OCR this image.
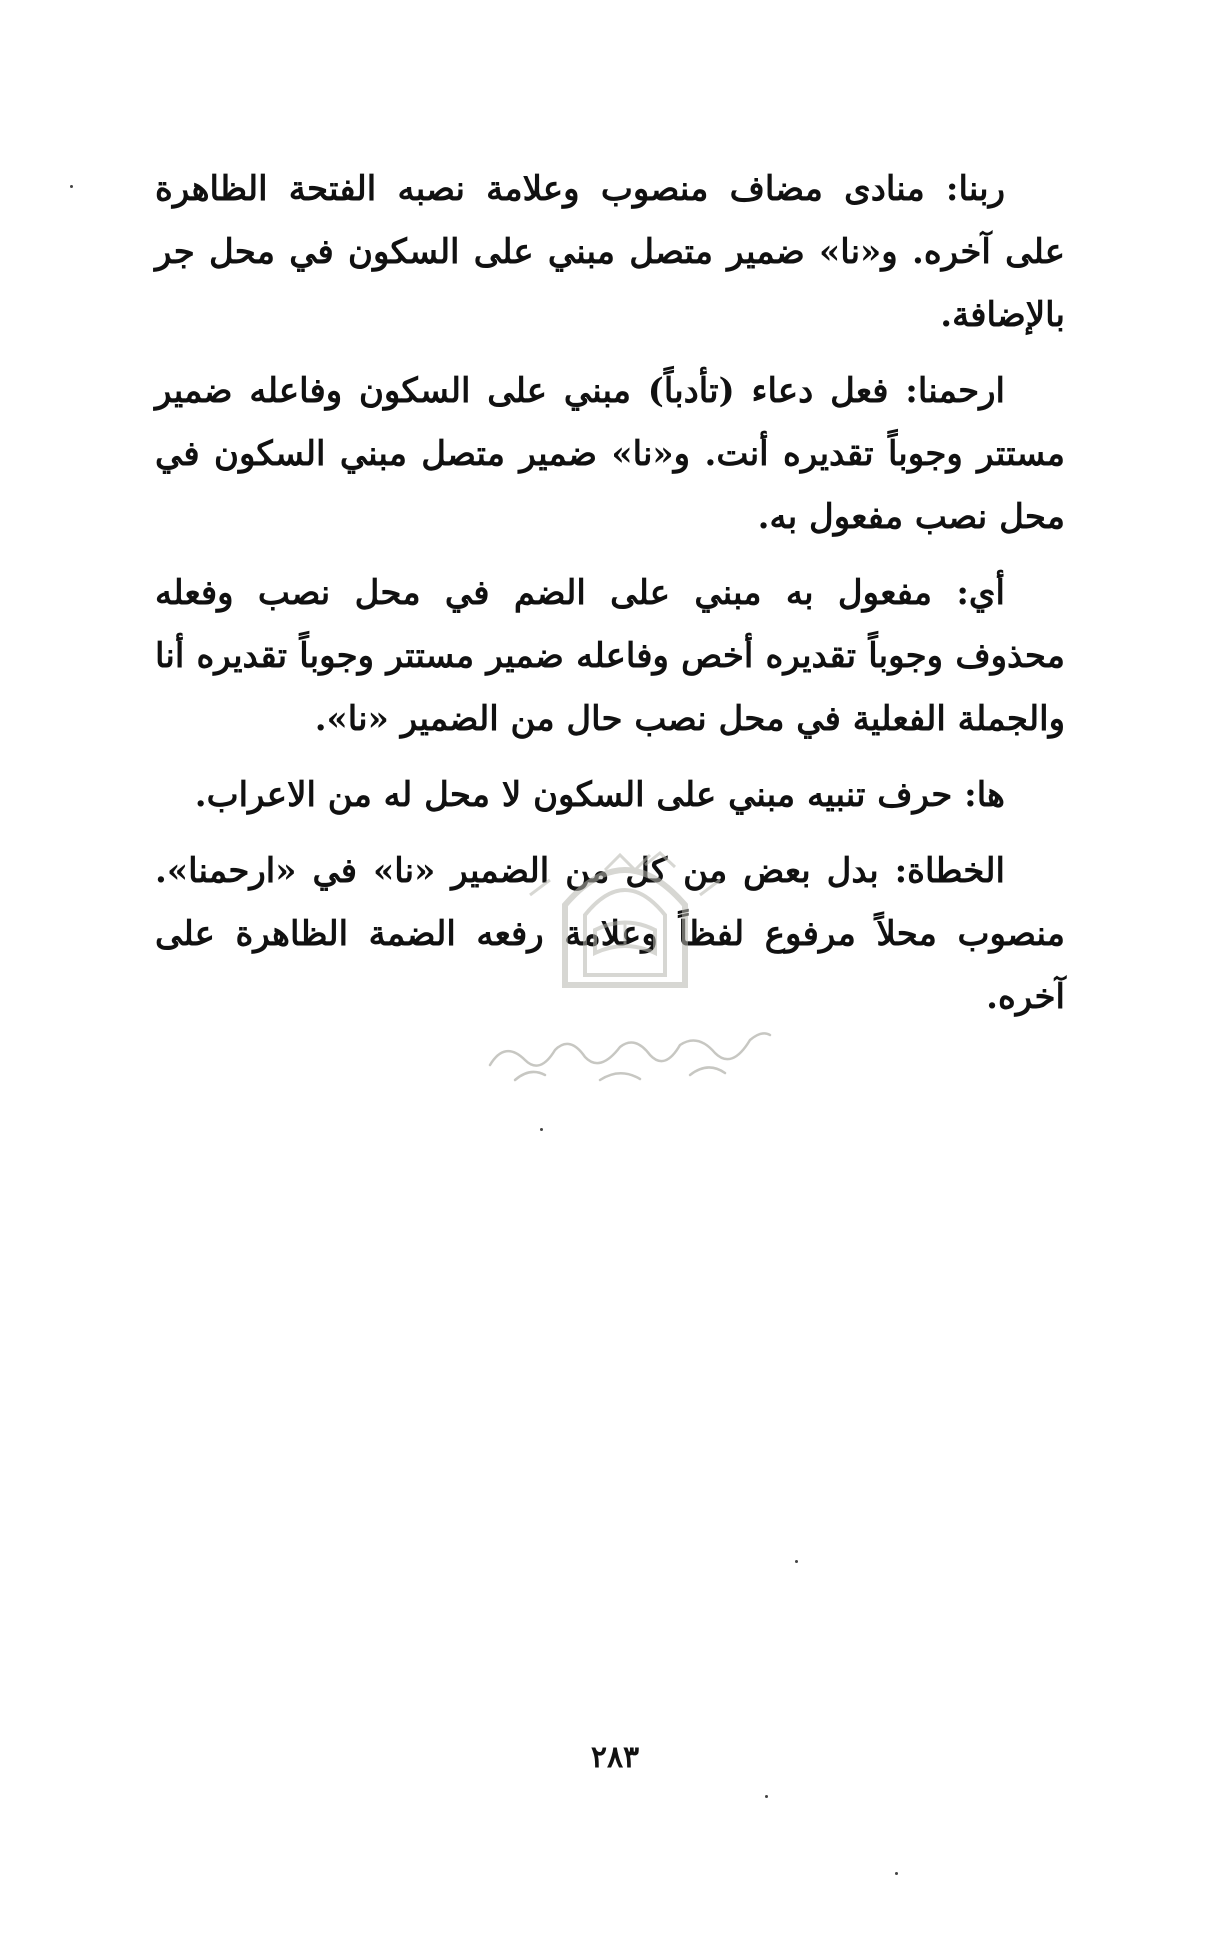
ربنا: منادى مضاف منصوب وعلامة نصبه الفتحة الظاهرة على آخره. و«نا» ضمير متصل مبني على السكون في محل جر بالإضافة.

ارحمنا: فعل دعاء (تأدباً) مبني على السكون وفاعله ضمير مستتر وجوباً تقديره أنت. و«نا» ضمير متصل مبني السكون في محل نصب مفعول به.

أي: مفعول به مبني على الضم في محل نصب وفعله محذوف وجوباً تقديره أخص وفاعله ضمير مستتر وجوباً تقديره أنا والجملة الفعلية في محل نصب حال من الضمير «نا».

ها: حرف تنبيه مبني على السكون لا محل له من الاعراب.

الخطاة: بدل بعض من كل من الضمير «نا» في «ارحمنا». منصوب محلاً مرفوع لفظاً وعلامة رفعه الضمة الظاهرة على آخره.

٢٨٣
